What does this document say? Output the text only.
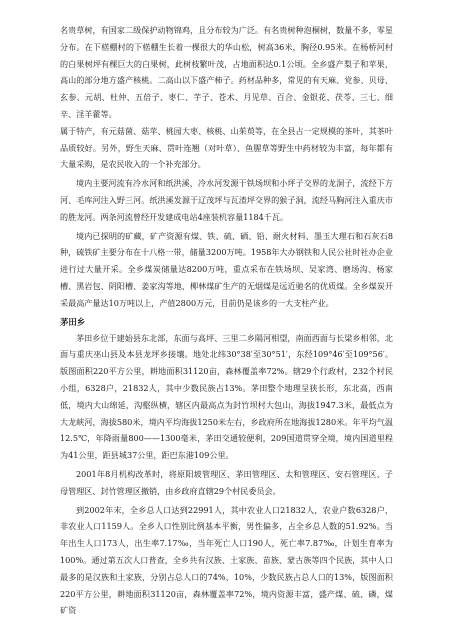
名贵草树，有国家二级保护动物锦鸡，且分布较为广泛。有名贵树种泡桐树，数量不多，零星分布。在下楛棚村的下楛棚生长着一棵很大的华山松，树高36米，胸径0.95米。在杨桥河村的白果树坪有棵巨大的白果树，此树枝繁叶茂，占地面积达0.1公顷。全乡盛产梨子和苹果，高山的部分地方盛产核桃。二高山以下盛产柿子。药材品种多，常见的有天麻、党参、贝母、玄参、元胡、杜仲、五倍子、枣仁、芋子、苍术、月见草、百合、金银花、茯苓、三七、细辛、淫羊藿等。

属于特产，有元菇菌、菇苹、桃园大枣、核桃、山茱萸等，在全县占一定规模的茶叶，其茶叶品质较好。另外，野生天麻、贯叶连翘（对叶草）、鱼腥草等野生中药材较为丰富，每年都有大量采购，是农民收入的一个补充部分。

境内主要河流有冷水河和纸洪溪，冷水河发源于铁场坝和小坪子交界的龙洞子，流经下方河、毛库河注入野三河。纸洪溪发源于辽茂坪与瓦渣坪交界的猴子洞，流经马胸河注入重庆市的胜龙河。两条河流曾经开发建成电站4座装机容量1184千瓦。

境内已探明的矿藏，矿产资源有煤、铁、硫、硒、铅、耐火材料、墨玉大理石和石灰石8种，硫铁矿主要分布在十八格一带，储量3200万吨。1958年大办钢铁和人民公社时社办企业进行过大量开采。全乡煤炭储量达8200万吨，重点采布在铁场坝、吴家湾、磨场沟、杨家槽、黑岩包、阴阳槽、姜家沟等地，柳林煤矿生产的无烟煤是远近驰名的优质煤。全乡煤炭开采最高产量达10万吨以上，产值2800万元，目前仍是该乡的一大支柱产业。

茅田乡

茅田乡位于建始县东北部，东面与高坪、三里二乡隔河相望，南面西面与长梁乡相邻，北面与重庆巫山县及本县龙坪乡接壤。地处北纬30°38′至30°51′，东经109°46′至109°56′。版图面积220平方公里，耕地面积31120亩，森林覆盖率72%。辖29个行政村，232个村民小组，6328户，21832人，其中少数民族占13%。茅田整个地理呈狭长形，东北高，西南低，境内大山绵延，沟壑纵横，辖区内最高点为封竹坝村大包山，海拔1947.3米，最低点为大龙峡河，海拔580米，境内平均海拔1250米左右，乡政府所在地海拔1280米。年平均气温12.5℃，年降雨量800——1300毫米，茅田交通较便利，209国道贯穿全境，境内国道里程为41公里，距县城37公里，距巴东港109公里。

2001年8月机构改革时，将原阳坡管理区、茅田管理区、太和管理区、安石管理区、子母管理区、封竹管理区撤销，由乡政府直辖29个村民委员会。

到2002年末，全乡总人口达到22991人，其中农业人口21832人，农业户数6328户，非农业人口1159人。全乡人口性别比例基本平衡，男性偏多，占全乡总人数的51.92%。当年出生人口173人，出生率7.17‰，当年死亡人口190人，死亡率7.87‰，计划生育率为100%。通过第五次人口普查，全乡共有汉族、土家族、苗族、蒙古族等四个民族，其中人口最多的是汉族和土家族，分别占总人口的74%、10%，少数民族占总人口的13%，版图面积220平方公里，耕地面积31120亩，森林覆盖率72%，境内资源丰富，盛产煤、硫、磷，煤矿资
